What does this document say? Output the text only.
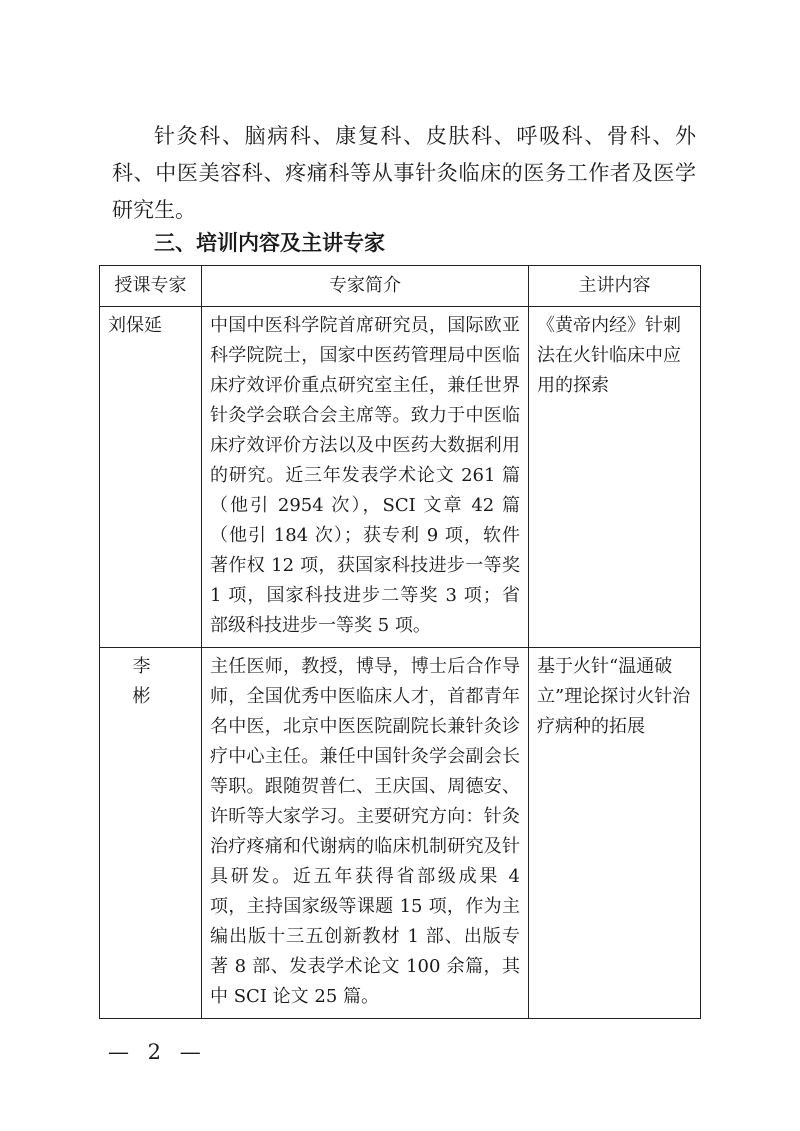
针灸科、脑病科、康复科、皮肤科、呼吸科、骨科、外科、中医美容科、疼痛科等从事针灸临床的医务工作者及医学研究生。

三、培训内容及主讲专家
授课专家	专家简介	主讲内容
刘保延	中国中医科学院首席研究员，国际欧亚科学院院士，国家中医药管理局中医临床疗效评价重点研究室主任，兼任世界针灸学会联合会主席等。致力于中医临床疗效评价方法以及中医药大数据利用的研究。近三年发表学术论文 261 篇（他引 2954 次），SCI 文章 42 篇（他引 184 次）；获专利 9 项，软件著作权 12 项，获国家科技进步一等奖 1 项，国家科技进步二等奖 3 项；省部级科技进步一等奖 5 项。	《黄帝内经》针刺法在火针临床中应用的探索
李 彬	主任医师，教授，博导，博士后合作导师，全国优秀中医临床人才，首都青年名中医，北京中医医院副院长兼针灸诊疗中心主任。兼任中国针灸学会副会长等职。跟随贺普仁、王庆国、周德安、许昕等大家学习。主要研究方向：针灸治疗疼痛和代谢病的临床机制研究及针具研发。近五年获得省部级成果 4 项，主持国家级等课题 15 项，作为主编出版十三五创新教材 1 部、出版专著 8 部、发表学术论文 100 余篇，其中 SCI 论文 25 篇。	基于火针“温通破立”理论探讨火针治疗病种的拓展

— 2 —
